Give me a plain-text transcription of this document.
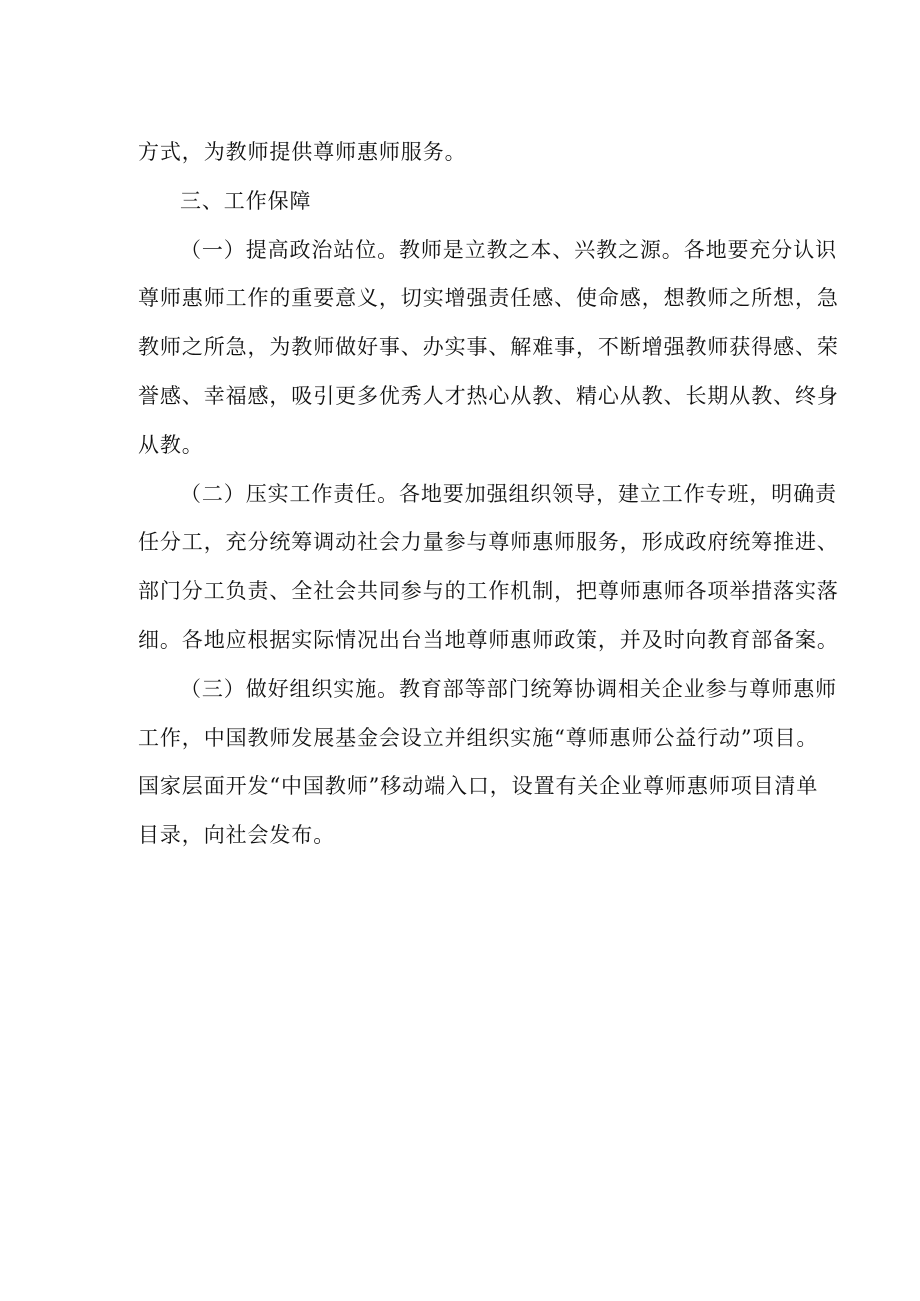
方式，为教师提供尊师惠师服务。
三、工作保障
（一）提高政治站位。教师是立教之本、兴教之源。各地要充分认识
尊师惠师工作的重要意义，切实增强责任感、使命感，想教师之所想，急
教师之所急，为教师做好事、办实事、解难事，不断增强教师获得感、荣
誉感、幸福感，吸引更多优秀人才热心从教、精心从教、长期从教、终身
从教。
（二）压实工作责任。各地要加强组织领导，建立工作专班，明确责
任分工，充分统筹调动社会力量参与尊师惠师服务，形成政府统筹推进、
部门分工负责、全社会共同参与的工作机制，把尊师惠师各项举措落实落
细。各地应根据实际情况出台当地尊师惠师政策，并及时向教育部备案。
（三）做好组织实施。教育部等部门统筹协调相关企业参与尊师惠师
工作，中国教师发展基金会设立并组织实施“尊师惠师公益行动”项目。
国家层面开发“中国教师”移动端入口，设置有关企业尊师惠师项目清单
目录，向社会发布。
